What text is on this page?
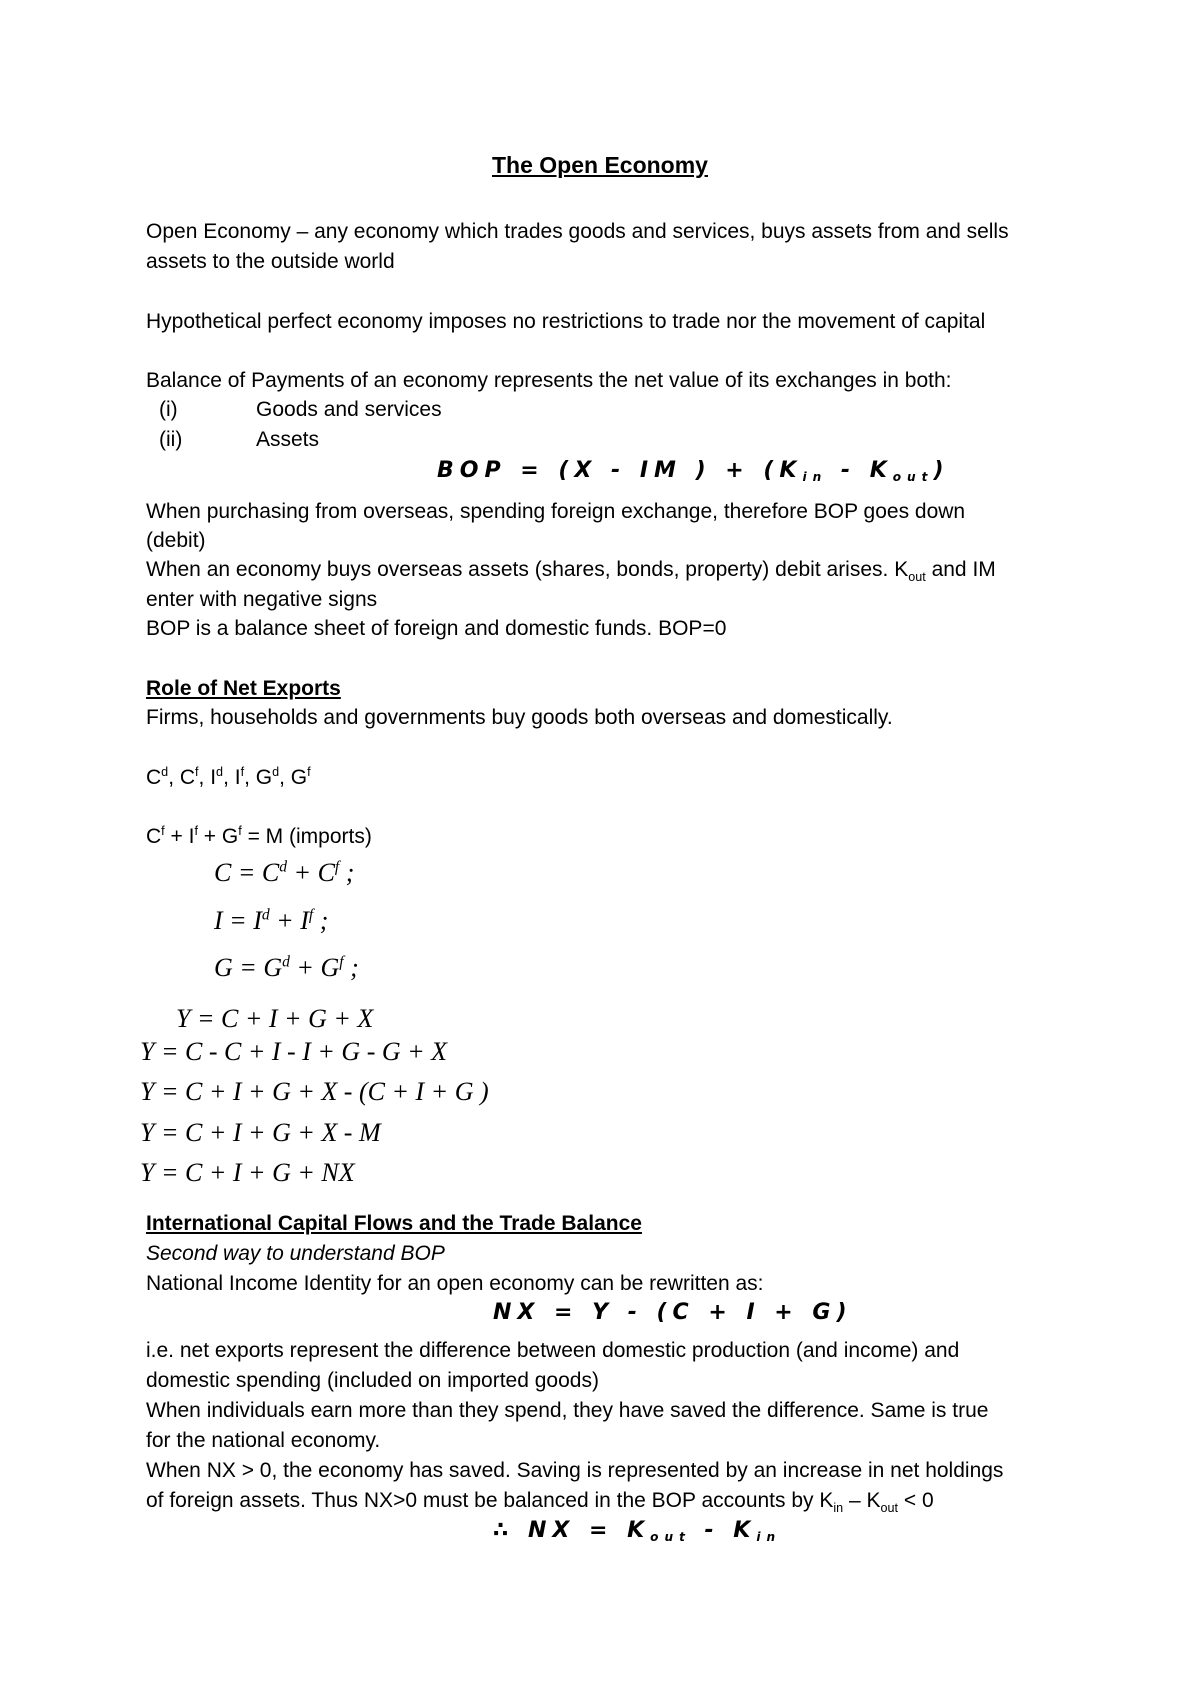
The Open Economy
Open Economy – any economy which trades goods and services, buys assets from and sells
assets to the outside world
Hypothetical perfect economy imposes no restrictions to trade nor the movement of capital
Balance of Payments of an economy represents the net value of its exchanges in both:
(i)	Goods and services
(ii)	Assets
BOP = (X - IM ) + (Kin - Kout)
When purchasing from overseas, spending foreign exchange, therefore BOP goes down
(debit)
When an economy buys overseas assets (shares, bonds, property) debit arises. $K_{out}$ and IM
enter with negative signs
BOP is a balance sheet of foreign and domestic funds. BOP=0
Role of Net Exports
Firms, households and governments buy goods both overseas and domestically.
$C^d$, $C^f$, $I^d$, $I^f$, $G^d$, $G^f$
$C^f + I^f + G^f = M$ (imports)
$C = C^d + C^f$ ;
$I = I^d + I^f$ ;
$G = G^d + G^f$ ;
Y = C + I + G + X
Y = C - C + I - I + G - G + X
Y = C + I + G + X - (C + I + G )
Y = C + I + G + X - M
Y = C + I + G + NX
International Capital Flows and the Trade Balance
Second way to understand BOP
National Income Identity for an open economy can be rewritten as:
NX = Y - (C + I + G)
i.e. net exports represent the difference between domestic production (and income) and
domestic spending (included on imported goods)
When individuals earn more than they spend, they have saved the difference. Same is true
for the national economy.
When NX > 0, the economy has saved. Saving is represented by an increase in net holdings
of foreign assets. Thus NX>0 must be balanced in the BOP accounts by $K_{in} - K_{out} < 0$
∴ NX = Kout - Kin
